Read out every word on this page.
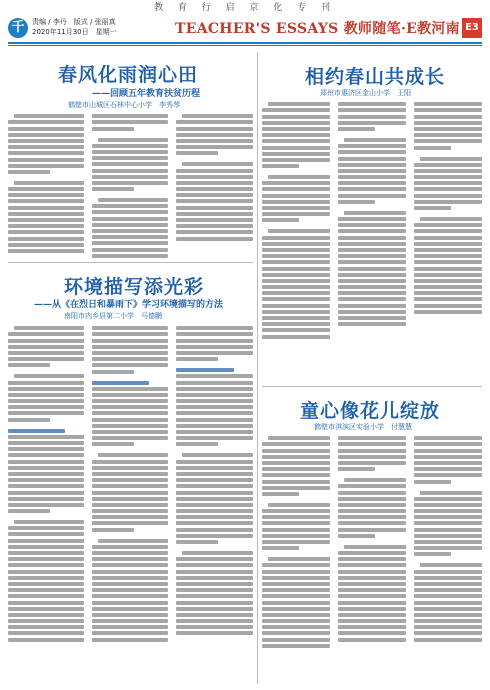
教 育 行 启 京 化 专 刊
千	责编 / 李丹　版式 / 张丽真
2020年11月30日　星期一	TEACHER'S ESSAYS 教师随笔·E教河南 E3
春风化雨润心田
——回顾五年教育扶贫历程
鹤壁市山城区石林中心小学　李秀琴
相约春山共成长
郑州市惠济区金山小学　王阳
环境描写添光彩
——从《在烈日和暴雨下》学习环境描写的方法
南阳市内乡县第二小学　马德鹏
童心像花儿绽放
鹤壁市淇滨区实验小学　付慧慧
